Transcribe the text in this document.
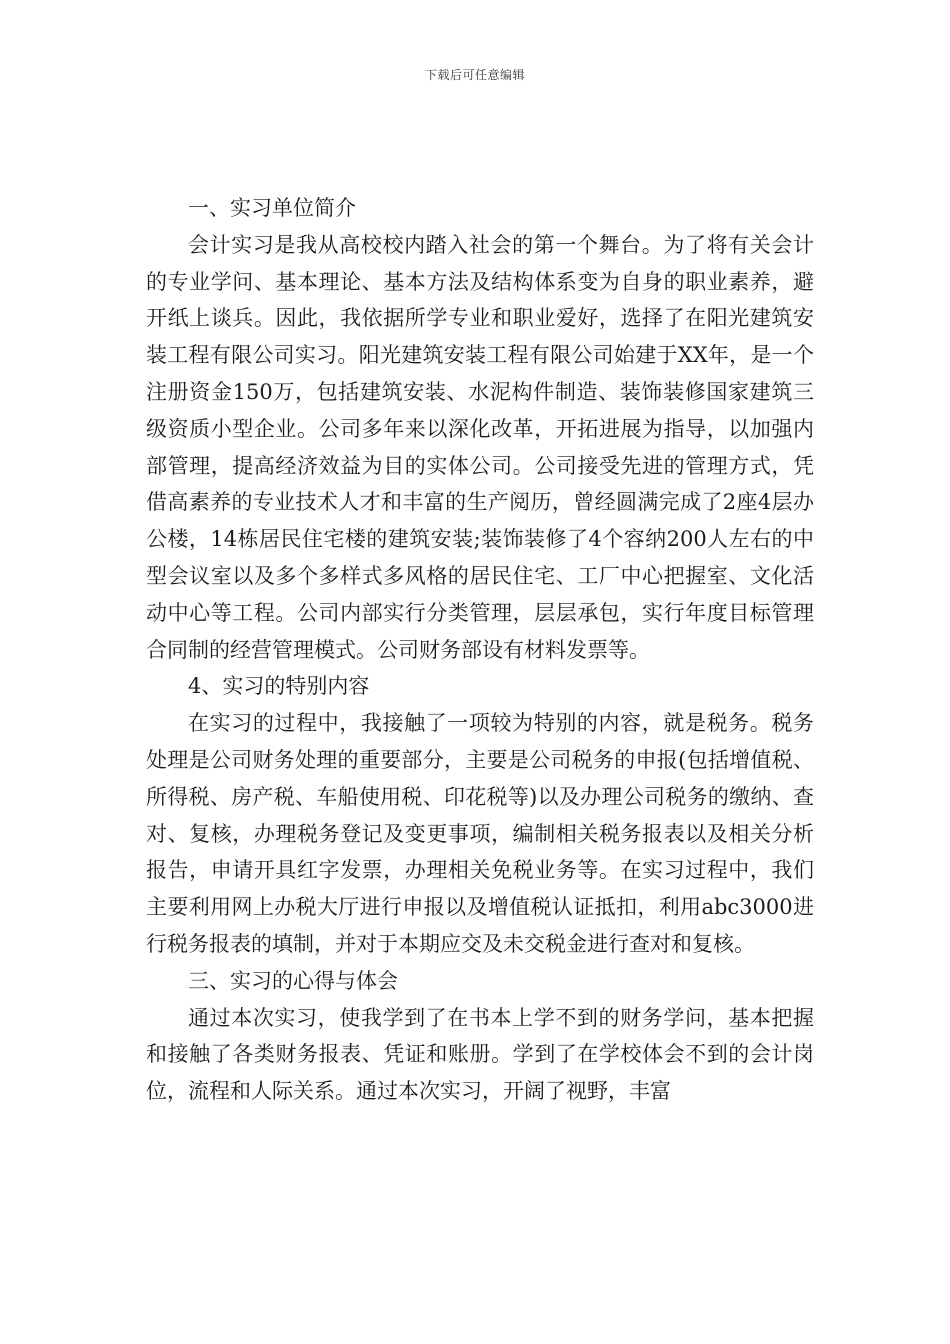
下载后可任意编辑

一、实习单位简介

会计实习是我从高校校内踏入社会的第一个舞台。为了将有关会计的专业学问、基本理论、基本方法及结构体系变为自身的职业素养，避开纸上谈兵。因此，我依据所学专业和职业爱好，选择了在阳光建筑安装工程有限公司实习。阳光建筑安装工程有限公司始建于XX年，是一个注册资金150万，包括建筑安装、水泥构件制造、装饰装修国家建筑三级资质小型企业。公司多年来以深化改革，开拓进展为指导，以加强内部管理，提高经济效益为目的实体公司。公司接受先进的管理方式，凭借高素养的专业技术人才和丰富的生产阅历，曾经圆满完成了2座4层办公楼，14栋居民住宅楼的建筑安装;装饰装修了4个容纳200人左右的中型会议室以及多个多样式多风格的居民住宅、工厂中心把握室、文化活动中心等工程。公司内部实行分类管理，层层承包，实行年度目标管理合同制的经营管理模式。公司财务部设有材料发票等。

4、实习的特别内容

在实习的过程中，我接触了一项较为特别的内容，就是税务。税务处理是公司财务处理的重要部分，主要是公司税务的申报(包括增值税、所得税、房产税、车船使用税、印花税等)以及办理公司税务的缴纳、查对、复核，办理税务登记及变更事项，编制相关税务报表以及相关分析报告，申请开具红字发票，办理相关免税业务等。在实习过程中，我们主要利用网上办税大厅进行申报以及增值税认证抵扣，利用abc3000进行税务报表的填制，并对于本期应交及未交税金进行查对和复核。

三、实习的心得与体会

通过本次实习，使我学到了在书本上学不到的财务学问，基本把握和接触了各类财务报表、凭证和账册。学到了在学校体会不到的会计岗位，流程和人际关系。通过本次实习，开阔了视野，丰富
